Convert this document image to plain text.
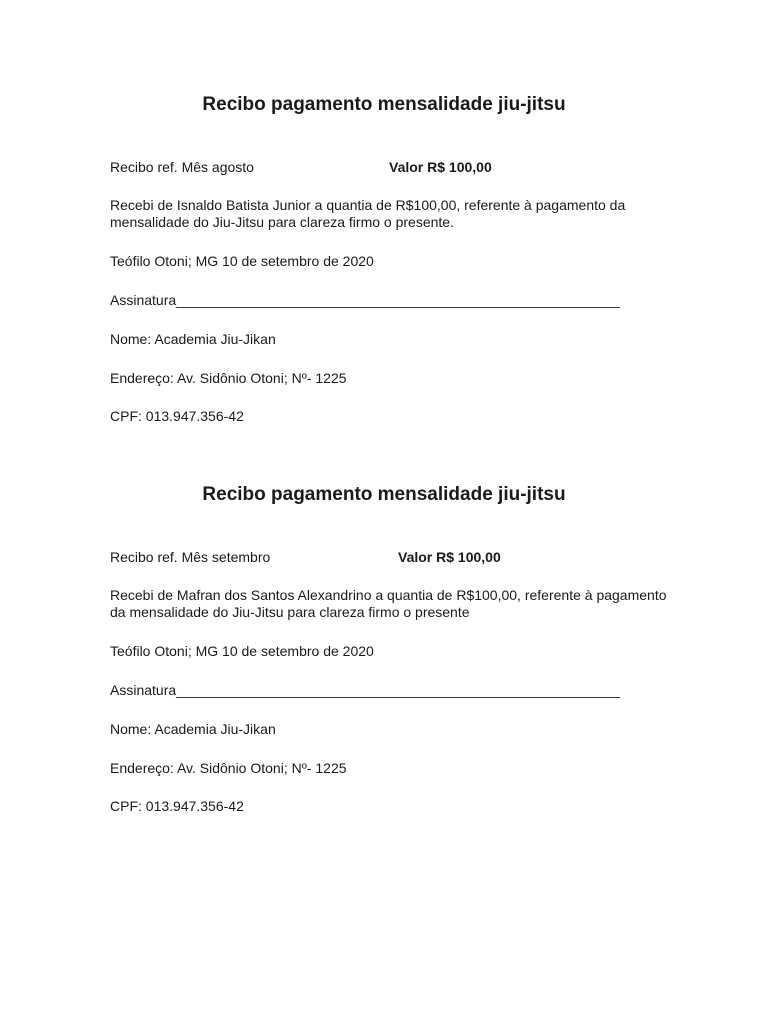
Recibo pagamento mensalidade jiu-jitsu
Recibo ref. Mês agosto	Valor R$ 100,00
Recebi de Isnaldo Batista Junior a quantia de R$100,00, referente à pagamento da mensalidade do Jiu-Jitsu para clareza firmo o presente.
Teófilo Otoni; MG 10 de setembro de 2020
Assinatura_________________________________________________________
Nome: Academia Jiu-Jikan
Endereço: Av. Sidônio Otoni; Nº- 1225
CPF: 013.947.356-42
Recibo pagamento mensalidade jiu-jitsu
Recibo ref. Mês setembro	Valor R$ 100,00
Recebi de Mafran dos Santos Alexandrino a quantia de R$100,00, referente à pagamento da mensalidade do Jiu-Jitsu para clareza firmo o presente
Teófilo Otoni; MG 10 de setembro de 2020
Assinatura_________________________________________________________
Nome: Academia Jiu-Jikan
Endereço: Av. Sidônio Otoni; Nº- 1225
CPF: 013.947.356-42
